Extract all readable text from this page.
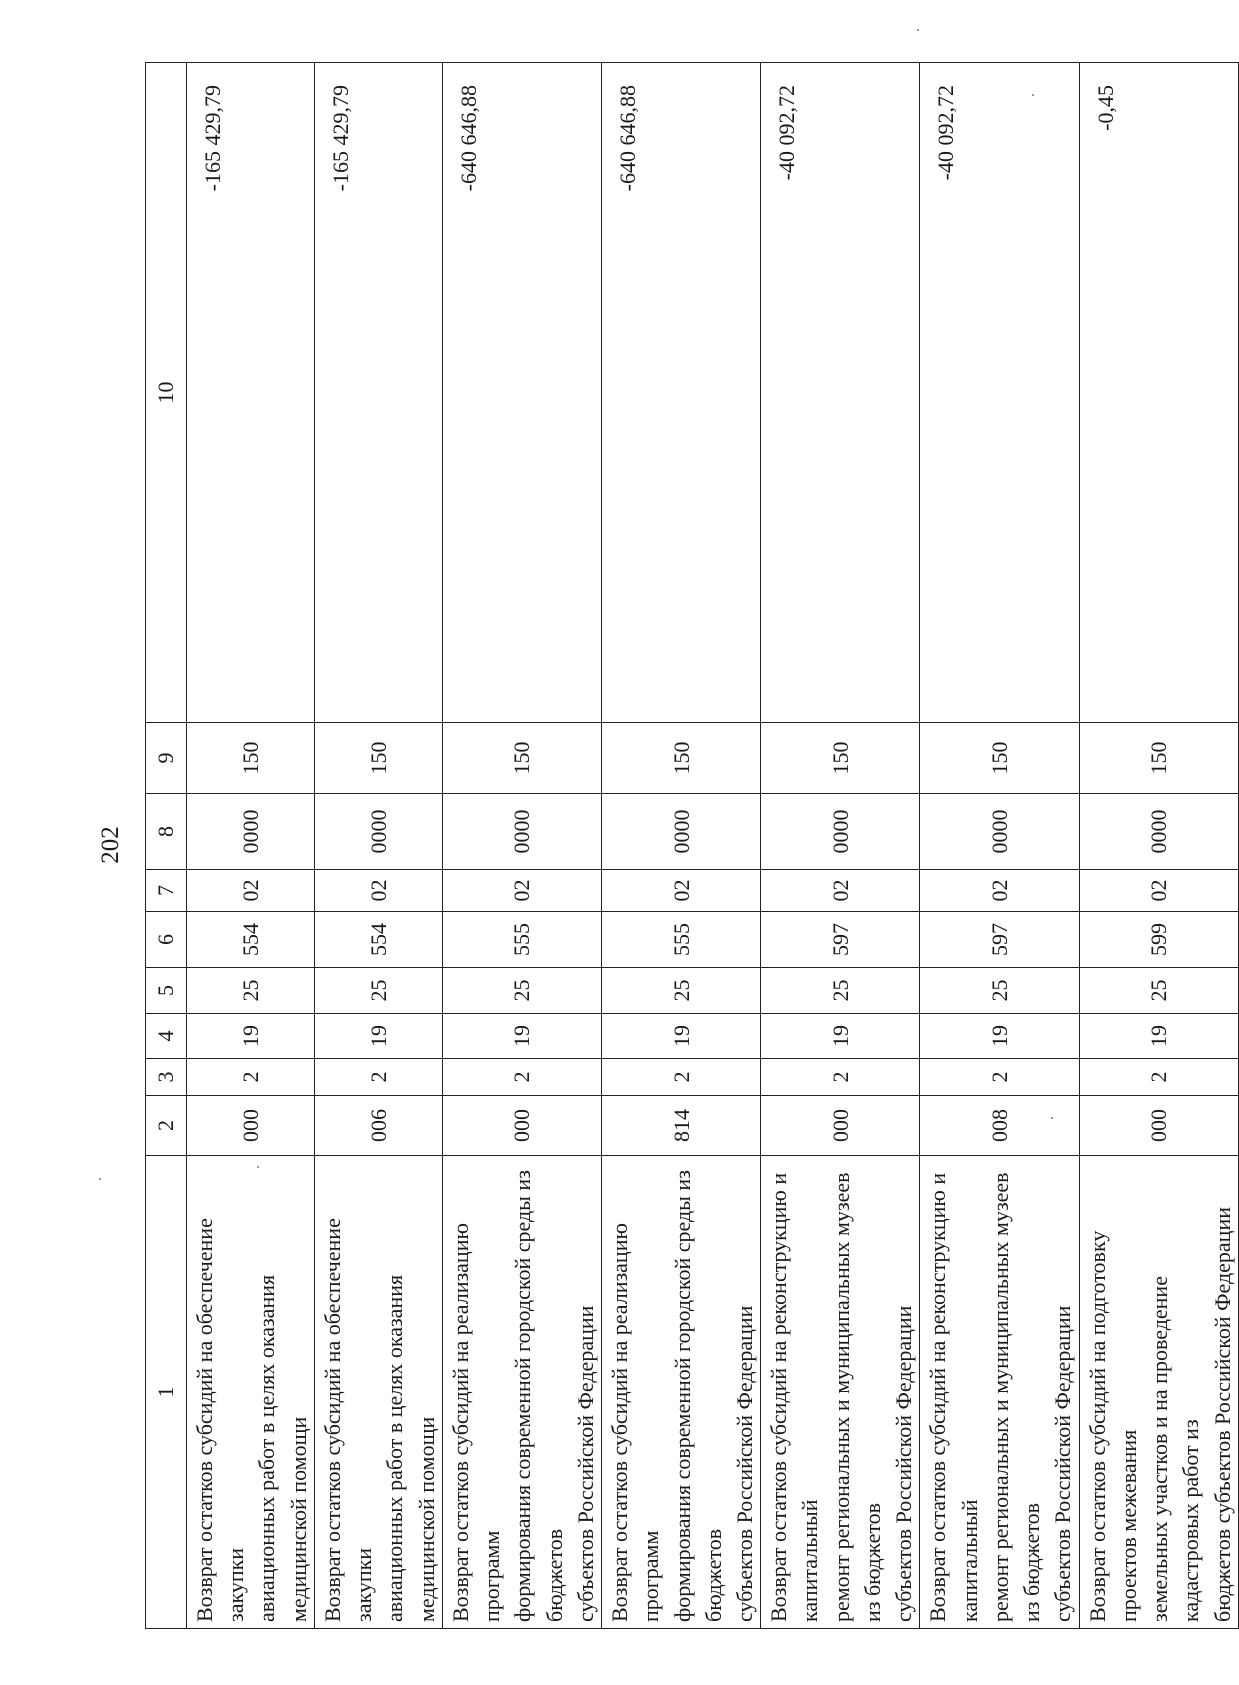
202
1	2	3	4	5	6	7	8	9	10

Возврат остатков субсидий на обеспечение закупки авиационных работ в целях оказания медицинской помощи	000	2	19	25	554	02	0000	150	-165 429,79

Возврат остатков субсидий на обеспечение закупки авиационных работ в целях оказания медицинской помощи	006	2	19	25	554	02	0000	150	-165 429,79

Возврат остатков субсидий на реализацию программ формирования современной городской среды из бюджетов субъектов Российской Федерации	000	2	19	25	555	02	0000	150	-640 646,88

Возврат остатков субсидий на реализацию программ формирования современной городской среды из бюджетов субъектов Российской Федерации	814	2	19	25	555	02	0000	150	-640 646,88

Возврат остатков субсидий на реконструкцию и капитальный ремонт региональных и муниципальных музеев из бюджетов субъектов Российской Федерации	000	2	19	25	597	02	0000	150	-40 092,72

Возврат остатков субсидий на реконструкцию и капитальный ремонт региональных и муниципальных музеев из бюджетов субъектов Российской Федерации	008	2	19	25	597	02	0000	150	-40 092,72

Возврат остатков субсидий на подготовку проектов межевания земельных участков и на проведение кадастровых работ из бюджетов субъектов Российской Федерации	000	2	19	25	599	02	0000	150	-0,45
